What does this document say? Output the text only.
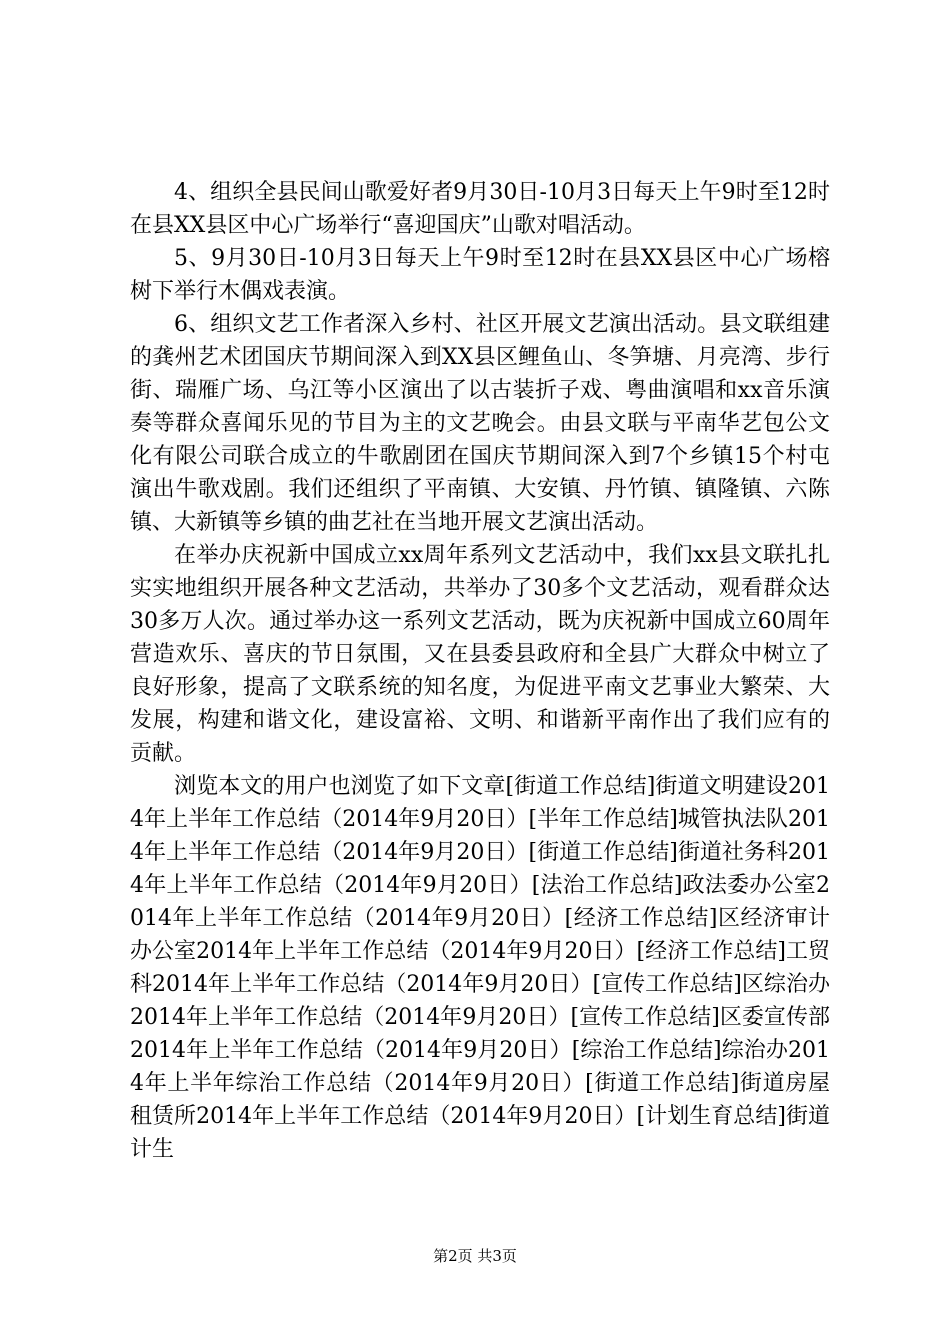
4、组织全县民间山歌爱好者9月30日-10月3日每天上午9时至12时在县XX县区中心广场举行“喜迎国庆”山歌对唱活动。

5、9月30日-10月3日每天上午9时至12时在县XX县区中心广场榕树下举行木偶戏表演。

6、组织文艺工作者深入乡村、社区开展文艺演出活动。县文联组建的龚州艺术团国庆节期间深入到XX县区鲤鱼山、冬笋塘、月亮湾、步行街、瑞雁广场、乌江等小区演出了以古装折子戏、粤曲演唱和xx音乐演奏等群众喜闻乐见的节目为主的文艺晚会。由县文联与平南华艺包公文化有限公司联合成立的牛歌剧团在国庆节期间深入到7个乡镇15个村屯演出牛歌戏剧。我们还组织了平南镇、大安镇、丹竹镇、镇隆镇、六陈镇、大新镇等乡镇的曲艺社在当地开展文艺演出活动。

在举办庆祝新中国成立xx周年系列文艺活动中，我们xx县文联扎扎实实地组织开展各种文艺活动，共举办了30多个文艺活动，观看群众达30多万人次。通过举办这一系列文艺活动，既为庆祝新中国成立60周年营造欢乐、喜庆的节日氛围，又在县委县政府和全县广大群众中树立了良好形象，提高了文联系统的知名度，为促进平南文艺事业大繁荣、大发展，构建和谐文化，建设富裕、文明、和谐新平南作出了我们应有的贡献。

浏览本文的用户也浏览了如下文章[街道工作总结]街道文明建设2014年上半年工作总结（2014年9月20日）[半年工作总结]城管执法队2014年上半年工作总结（2014年9月20日）[街道工作总结]街道社务科2014年上半年工作总结（2014年9月20日）[法治工作总结]政法委办公室2014年上半年工作总结（2014年9月20日）[经济工作总结]区经济审计办公室2014年上半年工作总结（2014年9月20日）[经济工作总结]工贸科2014年上半年工作总结（2014年9月20日）[宣传工作总结]区综治办2014年上半年工作总结（2014年9月20日）[宣传工作总结]区委宣传部2014年上半年工作总结（2014年9月20日）[综治工作总结]综治办2014年上半年综治工作总结（2014年9月20日）[街道工作总结]街道房屋租赁所2014年上半年工作总结（2014年9月20日）[计划生育总结]街道计生

第2页 共3页
